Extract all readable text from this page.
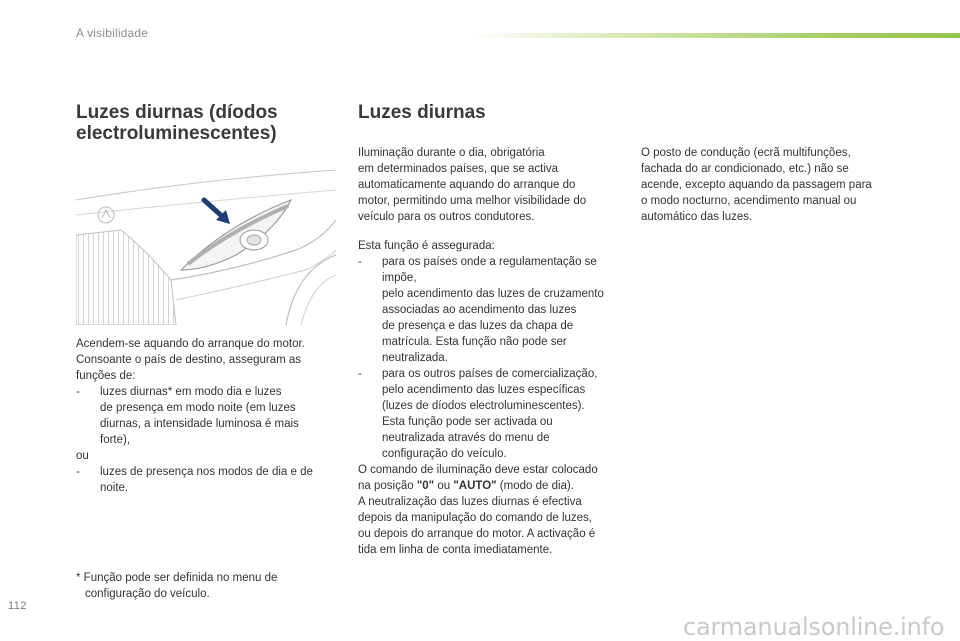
A visibilidade
Luzes diurnas (díodos
electroluminescentes)

Acendem-se aquando do arranque do motor.

Consoante o país de destino, asseguram as

funções de:

-	luzes diurnas* em modo dia e luzes
de presença em modo noite (em luzes
diurnas, a intensidade luminosa é mais
forte),

ou

-	luzes de presença nos modos de dia e de
noite.
* Função pode ser definida no menu de
configuração do veículo.
Luzes diurnas
Iluminação durante o dia, obrigatória
em determinados países, que se activa
automaticamente aquando do arranque do
motor, permitindo uma melhor visibilidade do
veículo para os outros condutores.
Esta função é assegurada:
-	para os países onde a regulamentação se
impõe,
pelo acendimento das luzes de cruzamento
associadas ao acendimento das luzes
de presença e das luzes da chapa de
matrícula. Esta função não pode ser
neutralizada.
-	para os outros países de comercialização,
pelo acendimento das luzes específicas
(luzes de díodos electroluminescentes).
Esta função pode ser activada ou
neutralizada através do menu de
configuração do veículo.
O comando de iluminação deve estar colocado
na posição "0" ou "AUTO" (modo de dia).
A neutralização das luzes diurnas é efectiva
depois da manipulação do comando de luzes,
ou depois do arranque do motor. A activação é
tida em linha de conta imediatamente.
O posto de condução (ecrã multifunções,
fachada do ar condicionado, etc.) não se
acende, excepto aquando da passagem para
o modo nocturno, acendimento manual ou
automático das luzes.
112
carmanualsonline.info
